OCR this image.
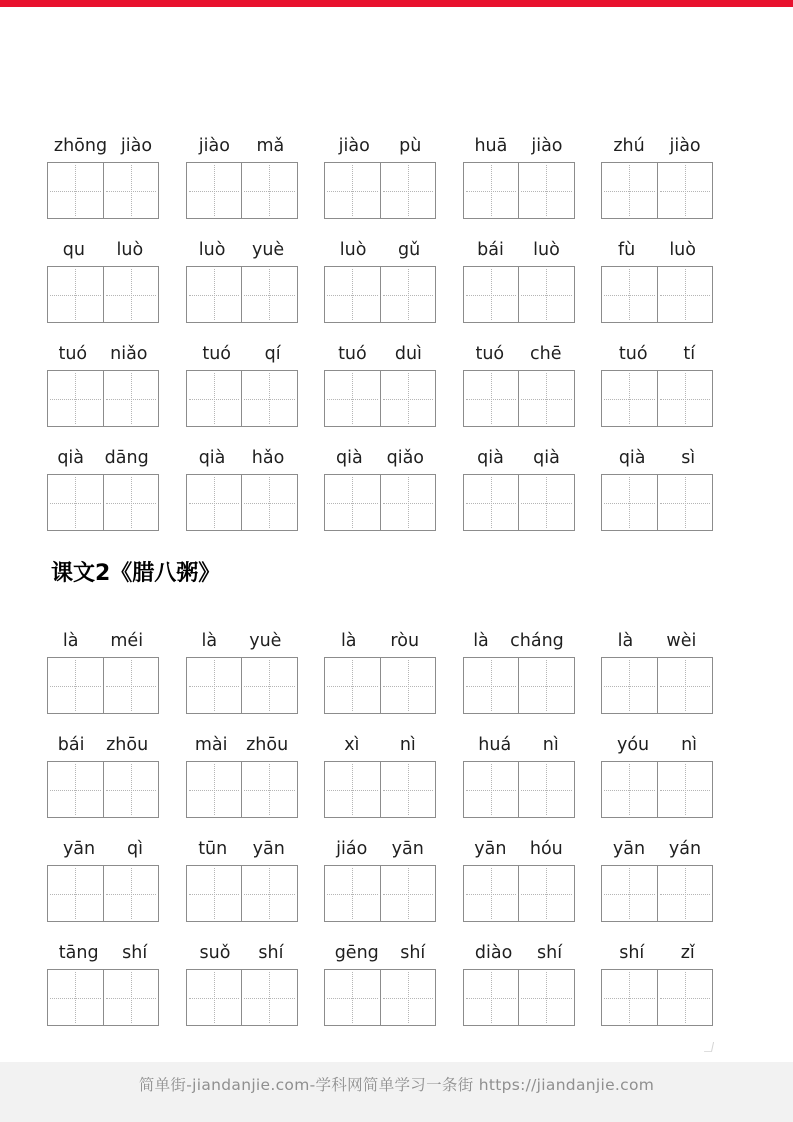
zhōng jiào	jiào mǎ	jiào pù	huā jiào	zhú jiào
qu luò	luò yuè	luò gǔ	bái luò	fù luò
tuó niǎo	tuó qí	tuó duì	tuó chē	tuó tí
qià dāng	qià hǎo	qià qiǎo	qià qià	qià sì
课文2《腊八粥》
là méi	là yuè	là ròu	là cháng	là wèi
bái zhōu	mài zhōu	xì nì	huá nì	yóu nì
yān qì	tūn yān	jiáo yān	yān hóu	yān yán
tāng shí	suǒ shí	gēng shí	diào shí	shí zǐ
简单街-jiandanjie.com-学科网简单学习一条街 https://jiandanjie.com
